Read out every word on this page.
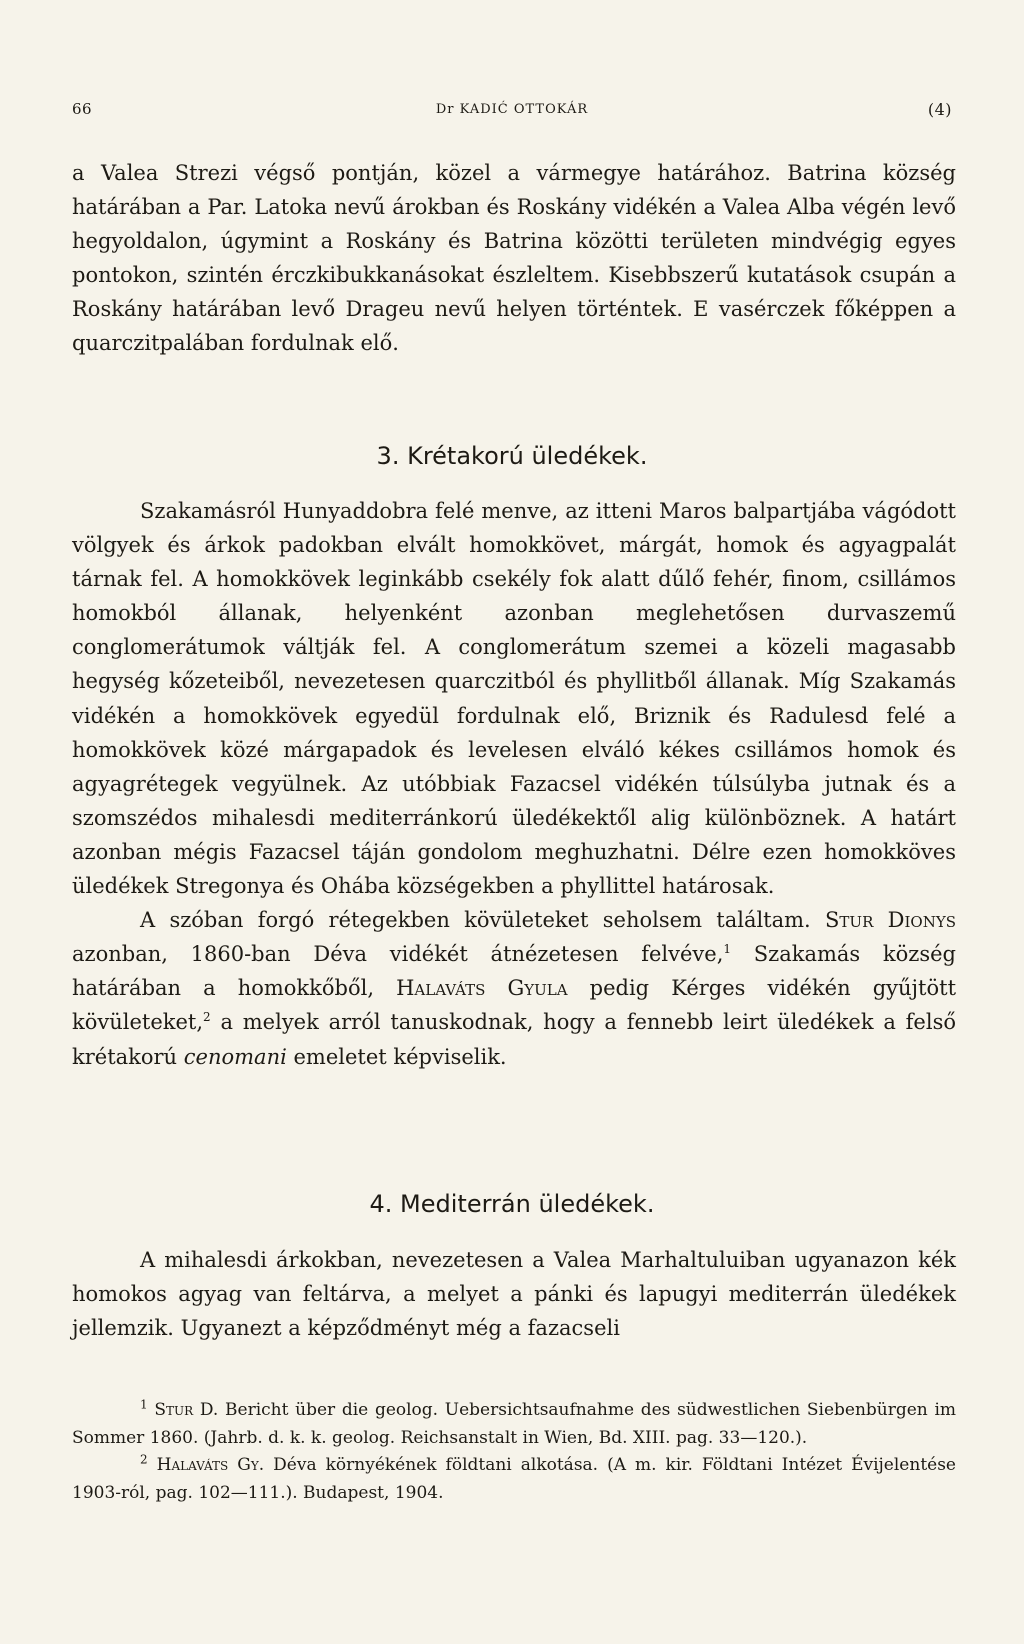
66	Dr KADIĆ OTTOKÁR	(4)
a Valea Strezi végső pontján, közel a vármegye határához. Batrina község határában a Par. Latoka nevű árokban és Roskány vidékén a Valea Alba végén levő hegyoldalon, úgymint a Roskány és Batrina közötti területen mindvégig egyes pontokon, szintén érczkibukkanásokat észleltem. Kisebbszerű kutatások csupán a Roskány határában levő Drageu nevű helyen történtek. E vasérczek főképpen a quarczitpalában fordulnak elő.
3. Krétakorú üledékek.
Szakamásról Hunyaddobra felé menve, az itteni Maros balpartjába vágódott völgyek és árkok padokban elvált homokkövet, márgát, homok és agyagpalát tárnak fel. A homokkövek leginkább csekély fok alatt dűlő fehér, finom, csillámos homokból állanak, helyenként azonban meglehetősen durvaszemű conglomerátumok váltják fel. A conglomerátum szemei a közeli magasabb hegység kőzeteiből, nevezetesen quarczitból és phyllitből állanak. Míg Szakamás vidékén a homokkövek egyedül fordulnak elő, Briznik és Radulesd felé a homokkövek közé márgapadok és levelesen elváló kékes csillámos homok és agyagrétegek vegyülnek. Az utóbbiak Fazacsel vidékén túlsúlyba jutnak és a szomszédos mihalesdi mediterránkorú üledékektől alig különböznek. A határt azonban mégis Fazacsel táján gondolom meghuzhatni. Délre ezen homokköves üledékek Stregonya és Ohába községekben a phyllittel határosak.
A szóban forgó rétegekben kövületeket seholsem találtam. Stur Dionys azonban, 1860-ban Déva vidékét átnézetesen felvéve,$^1$ Szakamás község határában a homokkőből, Halaváts Gyula pedig Kérges vidékén gyűjtött kövületeket,$^2$ a melyek arról tanuskodnak, hogy a fennebb leirt üledékek a felső krétakorú cenomani emeletet képviselik.
4. Mediterrán üledékek.
A mihalesdi árkokban, nevezetesen a Valea Marhaltuluiban ugyanazon kék homokos agyag van feltárva, a melyet a pánki és lapugyi mediterrán üledékek jellemzik. Ugyanezt a képződményt még a fazacseli
$^1$ Stur D. Bericht über die geolog. Uebersichtsaufnahme des südwestlichen Siebenbürgen im Sommer 1860. (Jahrb. d. k. k. geolog. Reichsanstalt in Wien, Bd. XIII. pag. 33—120.).
$^2$ Halaváts Gy. Déva környékének földtani alkotása. (A m. kir. Földtani Intézet Évijelentése 1903-ról, pag. 102—111.). Budapest, 1904.
